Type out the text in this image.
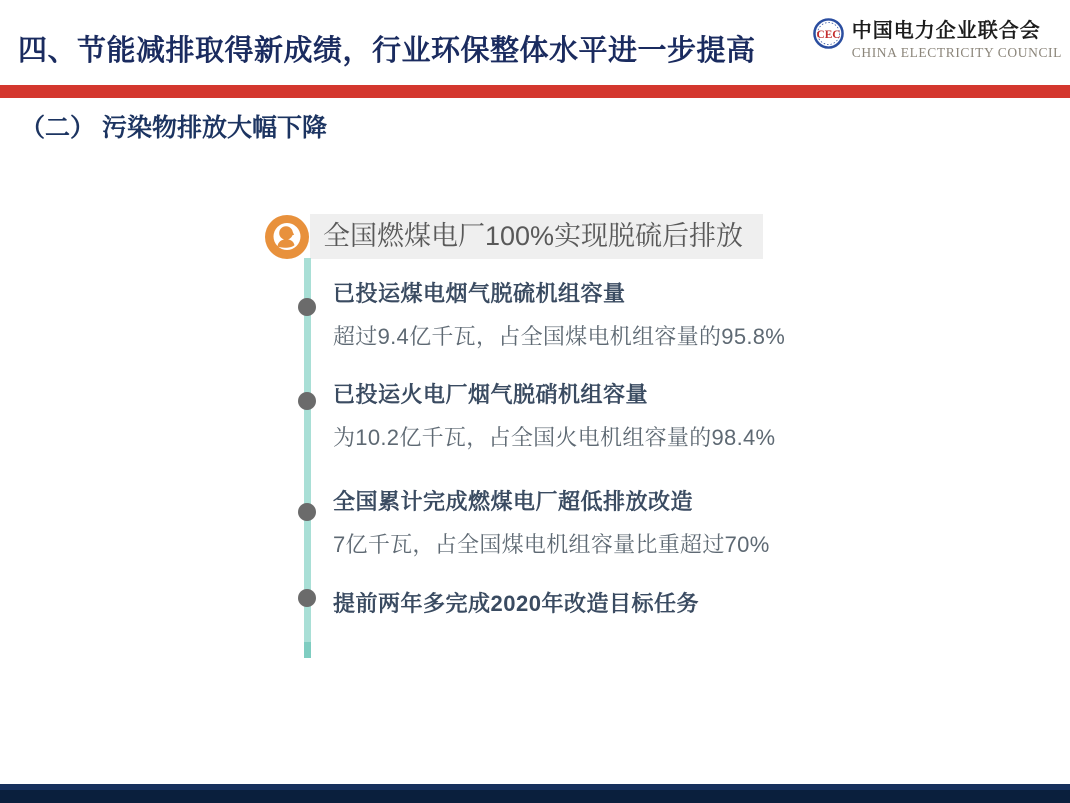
四、节能减排取得新成绩，行业环保整体水平进一步提高	CEC 中国电力企业联合会
CHINA ELECTRICITY COUNCIL
（二） 污染物排放大幅下降
全国燃煤电厂100%实现脱硫后排放
已投运煤电烟气脱硫机组容量
超过9.4亿千瓦，占全国煤电机组容量的95.8%
已投运火电厂烟气脱硝机组容量
为10.2亿千瓦，占全国火电机组容量的98.4%
全国累计完成燃煤电厂超低排放改造
7亿千瓦，占全国煤电机组容量比重超过70%
提前两年多完成2020年改造目标任务
